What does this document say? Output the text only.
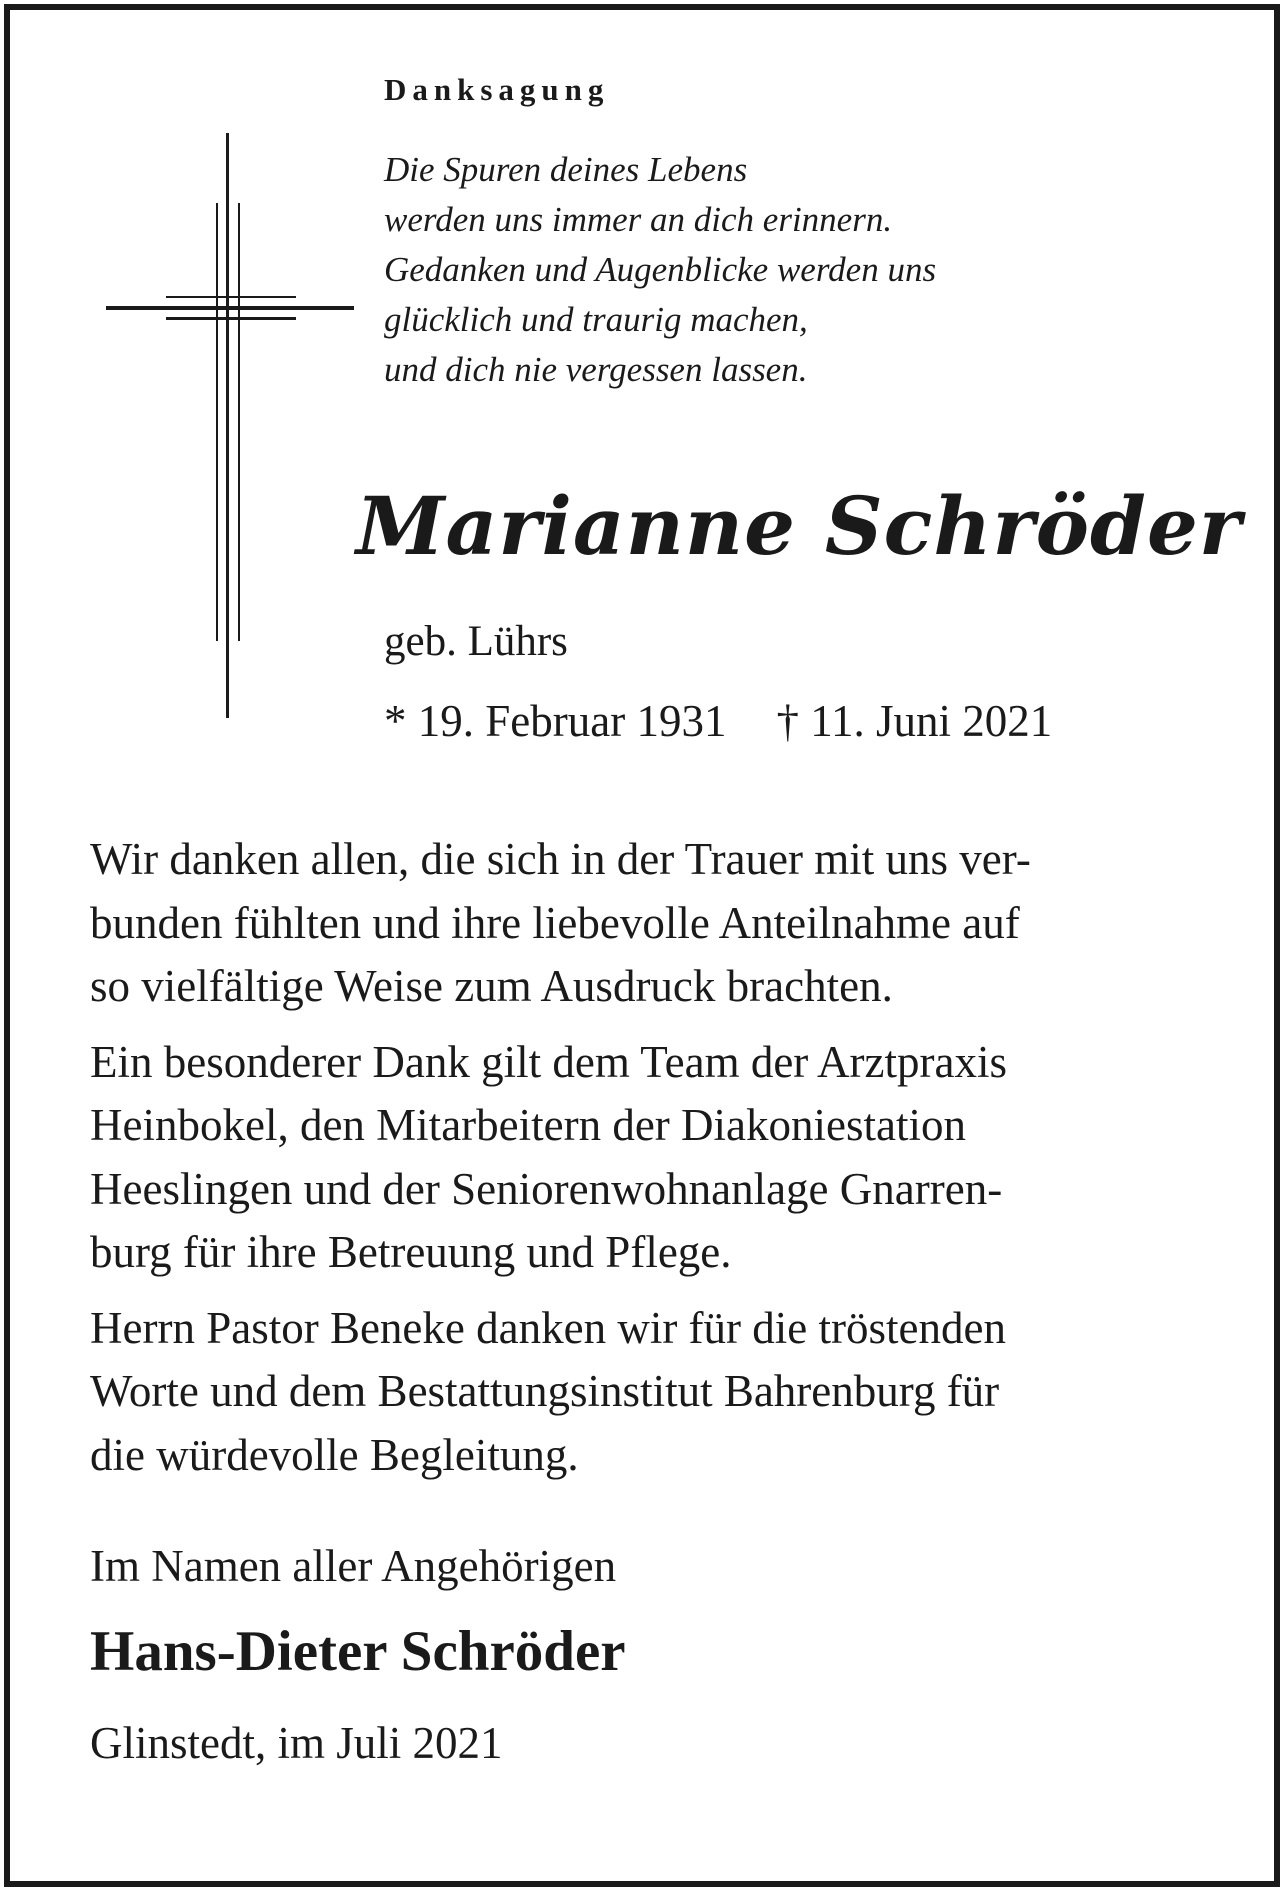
Danksagung
Die Spuren deines Lebens
werden uns immer an dich erinnern.
Gedanken und Augenblicke werden uns
glücklich und traurig machen,
und dich nie vergessen lassen.
Marianne Schröder
geb. Lührs
* 19. Februar 1931 † 11. Juni 2021

Wir danken allen, die sich in der Trauer mit uns ver-
bunden fühlten und ihre liebevolle Anteilnahme auf
so vielfältige Weise zum Ausdruck brachten.

Ein besonderer Dank gilt dem Team der Arztpraxis
Heinbokel, den Mitarbeitern der Diakoniestation
Heeslingen und der Seniorenwohnanlage Gnarren-
burg für ihre Betreuung und Pflege.

Herrn Pastor Beneke danken wir für die tröstenden
Worte und dem Bestattungsinstitut Bahrenburg für
die würdevolle Begleitung.

Im Namen aller Angehörigen
Hans-Dieter Schröder
Glinstedt, im Juli 2021
